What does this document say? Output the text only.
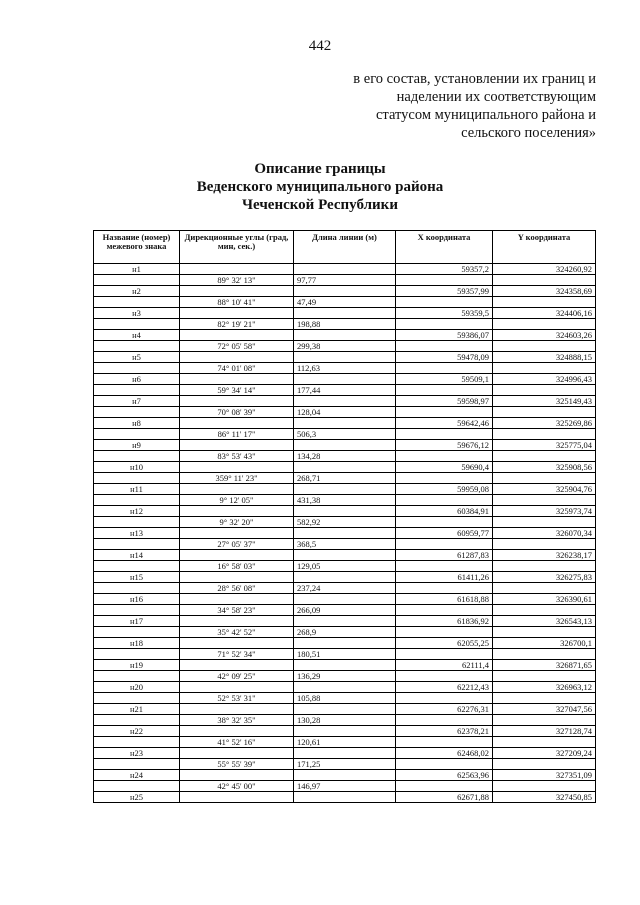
442
в его состав, установлении их границ и
наделении их соответствующим
статусом муниципального района и
сельского поселения»
Описание границы
Веденского муниципального района
Чеченской Республики
Название (номер) межевого знака	Дирекционные углы (град, мин, сек.)	Длина линии (м)	X координата	Y координата
н1			59357,2	324260,92
	89° 32' 13"	97,77		
н2			59357,99	324358,69
	88° 10' 41"	47,49		
н3			59359,5	324406,16
	82° 19' 21"	198,88		
н4			59386,07	324603,26
	72° 05' 58"	299,38		
н5			59478,09	324888,15
	74° 01' 08"	112,63		
н6			59509,1	324996,43
	59° 34' 14"	177,44		
н7			59598,97	325149,43
	70° 08' 39"	128,04		
н8			59642,46	325269,86
	86° 11' 17"	506,3		
н9			59676,12	325775,04
	83° 53' 43"	134,28		
н10			59690,4	325908,56
	359° 11' 23"	268,71		
н11			59959,08	325904,76
	9° 12' 05"	431,38		
н12			60384,91	325973,74
	9° 32' 20"	582,92		
н13			60959,77	326070,34
	27° 05' 37"	368,5		
н14			61287,83	326238,17
	16° 58' 03"	129,05		
н15			61411,26	326275,83
	28° 56' 08"	237,24		
н16			61618,88	326390,61
	34° 58' 23"	266,09		
н17			61836,92	326543,13
	35° 42' 52"	268,9		
н18			62055,25	326700,1
	71° 52' 34"	180,51		
н19			62111,4	326871,65
	42° 09' 25"	136,29		
н20			62212,43	326963,12
	52° 53' 31"	105,88		
н21			62276,31	327047,56
	38° 32' 35"	130,28		
н22			62378,21	327128,74
	41° 52' 16"	120,61		
н23			62468,02	327209,24
	55° 55' 39"	171,25		
н24			62563,96	327351,09
	42° 45' 00"	146,97		
н25			62671,88	327450,85
